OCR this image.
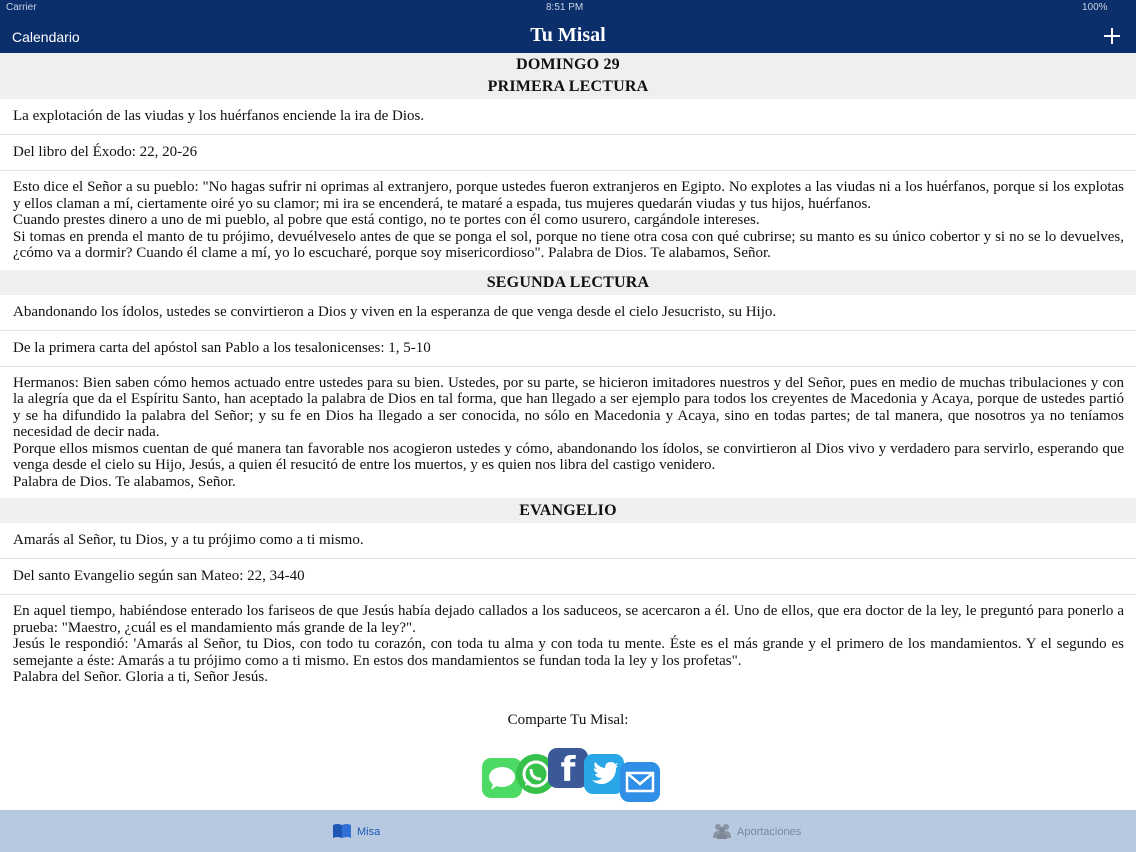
Carrier	8:51 PM	100%
Calendario	Tu Misal
DOMINGO 29
PRIMERA LECTURA
La explotación de las viudas y los huérfanos enciende la ira de Dios.
Del libro del Éxodo: 22, 20-26

Esto dice el Señor a su pueblo: "No hagas sufrir ni oprimas al extranjero, porque ustedes fueron extranjeros en Egipto. No explotes a las viudas ni a los huérfanos, porque si los explotas y ellos claman a mí, ciertamente oiré yo su clamor; mi ira se encenderá, te mataré a espada, tus mujeres quedarán viudas y tus hijos, huérfanos.

Cuando prestes dinero a uno de mi pueblo, al pobre que está contigo, no te portes con él como usurero, cargándole intereses.

Si tomas en prenda el manto de tu prójimo, devuélveselo antes de que se ponga el sol, porque no tiene otra cosa con qué cubrirse; su manto es su único cobertor y si no se lo devuelves, ¿cómo va a dormir? Cuando él clame a mí, yo lo escucharé, porque soy misericordioso". Palabra de Dios. Te alabamos, Señor.

SEGUNDA LECTURA
Abandonando los ídolos, ustedes se convirtieron a Dios y viven en la esperanza de que venga desde el cielo Jesucristo, su Hijo.
De la primera carta del apóstol san Pablo a los tesalonicenses: 1, 5-10

Hermanos: Bien saben cómo hemos actuado entre ustedes para su bien. Ustedes, por su parte, se hicieron imitadores nuestros y del Señor, pues en medio de muchas tribulaciones y con la alegría que da el Espíritu Santo, han aceptado la palabra de Dios en tal forma, que han llegado a ser ejemplo para todos los creyentes de Macedonia y Acaya, porque de ustedes partió y se ha difundido la palabra del Señor; y su fe en Dios ha llegado a ser conocida, no sólo en Macedonia y Acaya, sino en todas partes; de tal manera, que nosotros ya no teníamos necesidad de decir nada.

Porque ellos mismos cuentan de qué manera tan favorable nos acogieron ustedes y cómo, abandonando los ídolos, se convirtieron al Dios vivo y verdadero para servirlo, esperando que venga desde el cielo su Hijo, Jesús, a quien él resucitó de entre los muertos, y es quien nos libra del castigo venidero.

Palabra de Dios. Te alabamos, Señor.

EVANGELIO
Amarás al Señor, tu Dios, y a tu prójimo como a ti mismo.
Del santo Evangelio según san Mateo: 22, 34-40

En aquel tiempo, habiéndose enterado los fariseos de que Jesús había dejado callados a los saduceos, se acercaron a él. Uno de ellos, que era doctor de la ley, le preguntó para ponerlo a prueba: "Maestro, ¿cuál es el mandamiento más grande de la ley?".

Jesús le respondió: 'Amarás al Señor, tu Dios, con todo tu corazón, con toda tu alma y con toda tu mente. Éste es el más grande y el primero de los mandamientos. Y el segundo es semejante a éste: Amarás a tu prójimo como a ti mismo. En estos dos mandamientos se fundan toda la ley y los profetas".

Palabra del Señor. Gloria a ti, Señor Jesús.

Comparte Tu Misal:
f
Misa	Aportaciones
